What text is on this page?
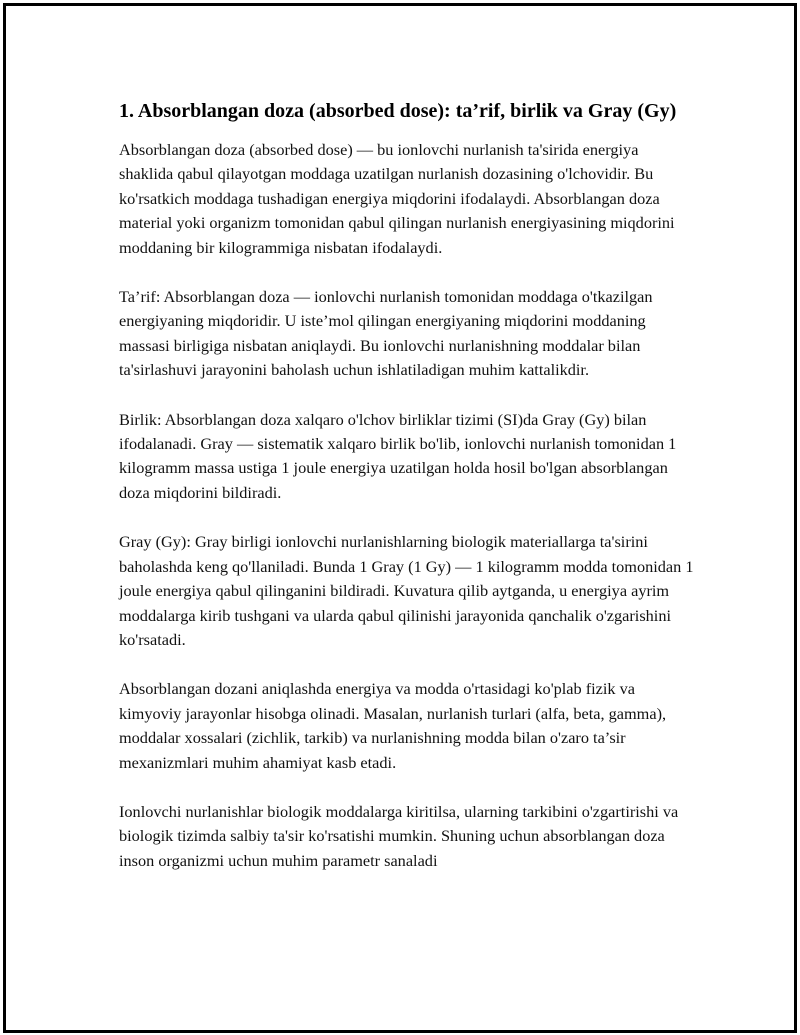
1. Absorblangan doza (absorbed dose): ta’rif, birlik va Gray (Gy)

Absorblangan doza (absorbed dose) — bu ionlovchi nurlanish ta'sirida energiya shaklida qabul qilayotgan moddaga uzatilgan nurlanish dozasining o'lchovidir. Bu ko'rsatkich moddaga tushadigan energiya miqdorini ifodalaydi. Absorblangan doza material yoki organizm tomonidan qabul qilingan nurlanish energiyasining miqdorini moddaning bir kilogrammiga nisbatan ifodalaydi.

Ta’rif: Absorblangan doza — ionlovchi nurlanish tomonidan moddaga o'tkazilgan energiyaning miqdoridir. U iste’mol qilingan energiyaning miqdorini moddaning massasi birligiga nisbatan aniqlaydi. Bu ionlovchi nurlanishning moddalar bilan ta'sirlashuvi jarayonini baholash uchun ishlatiladigan muhim kattalikdir.

Birlik: Absorblangan doza xalqaro o'lchov birliklar tizimi (SI)da Gray (Gy) bilan ifodalanadi. Gray — sistematik xalqaro birlik bo'lib, ionlovchi nurlanish tomonidan 1 kilogramm massa ustiga 1 joule energiya uzatilgan holda hosil bo'lgan absorblangan doza miqdorini bildiradi.

Gray (Gy): Gray birligi ionlovchi nurlanishlarning biologik materiallarga ta'sirini baholashda keng qo'llaniladi. Bunda 1 Gray (1 Gy) — 1 kilogramm modda tomonidan 1 joule energiya qabul qilinganini bildiradi. Kuvatura qilib aytganda, u energiya ayrim moddalarga kirib tushgani va ularda qabul qilinishi jarayonida qanchalik o'zgarishini ko'rsatadi.

Absorblangan dozani aniqlashda energiya va modda o'rtasidagi ko'plab fizik va kimyoviy jarayonlar hisobga olinadi. Masalan, nurlanish turlari (alfa, beta, gamma), moddalar xossalari (zichlik, tarkib) va nurlanishning modda bilan o'zaro ta’sir mexanizmlari muhim ahamiyat kasb etadi.

Ionlovchi nurlanishlar biologik moddalarga kiritilsa, ularning tarkibini o'zgartirishi va biologik tizimda salbiy ta'sir ko'rsatishi mumkin. Shuning uchun absorblangan doza inson organizmi uchun muhim parametr sanaladi
